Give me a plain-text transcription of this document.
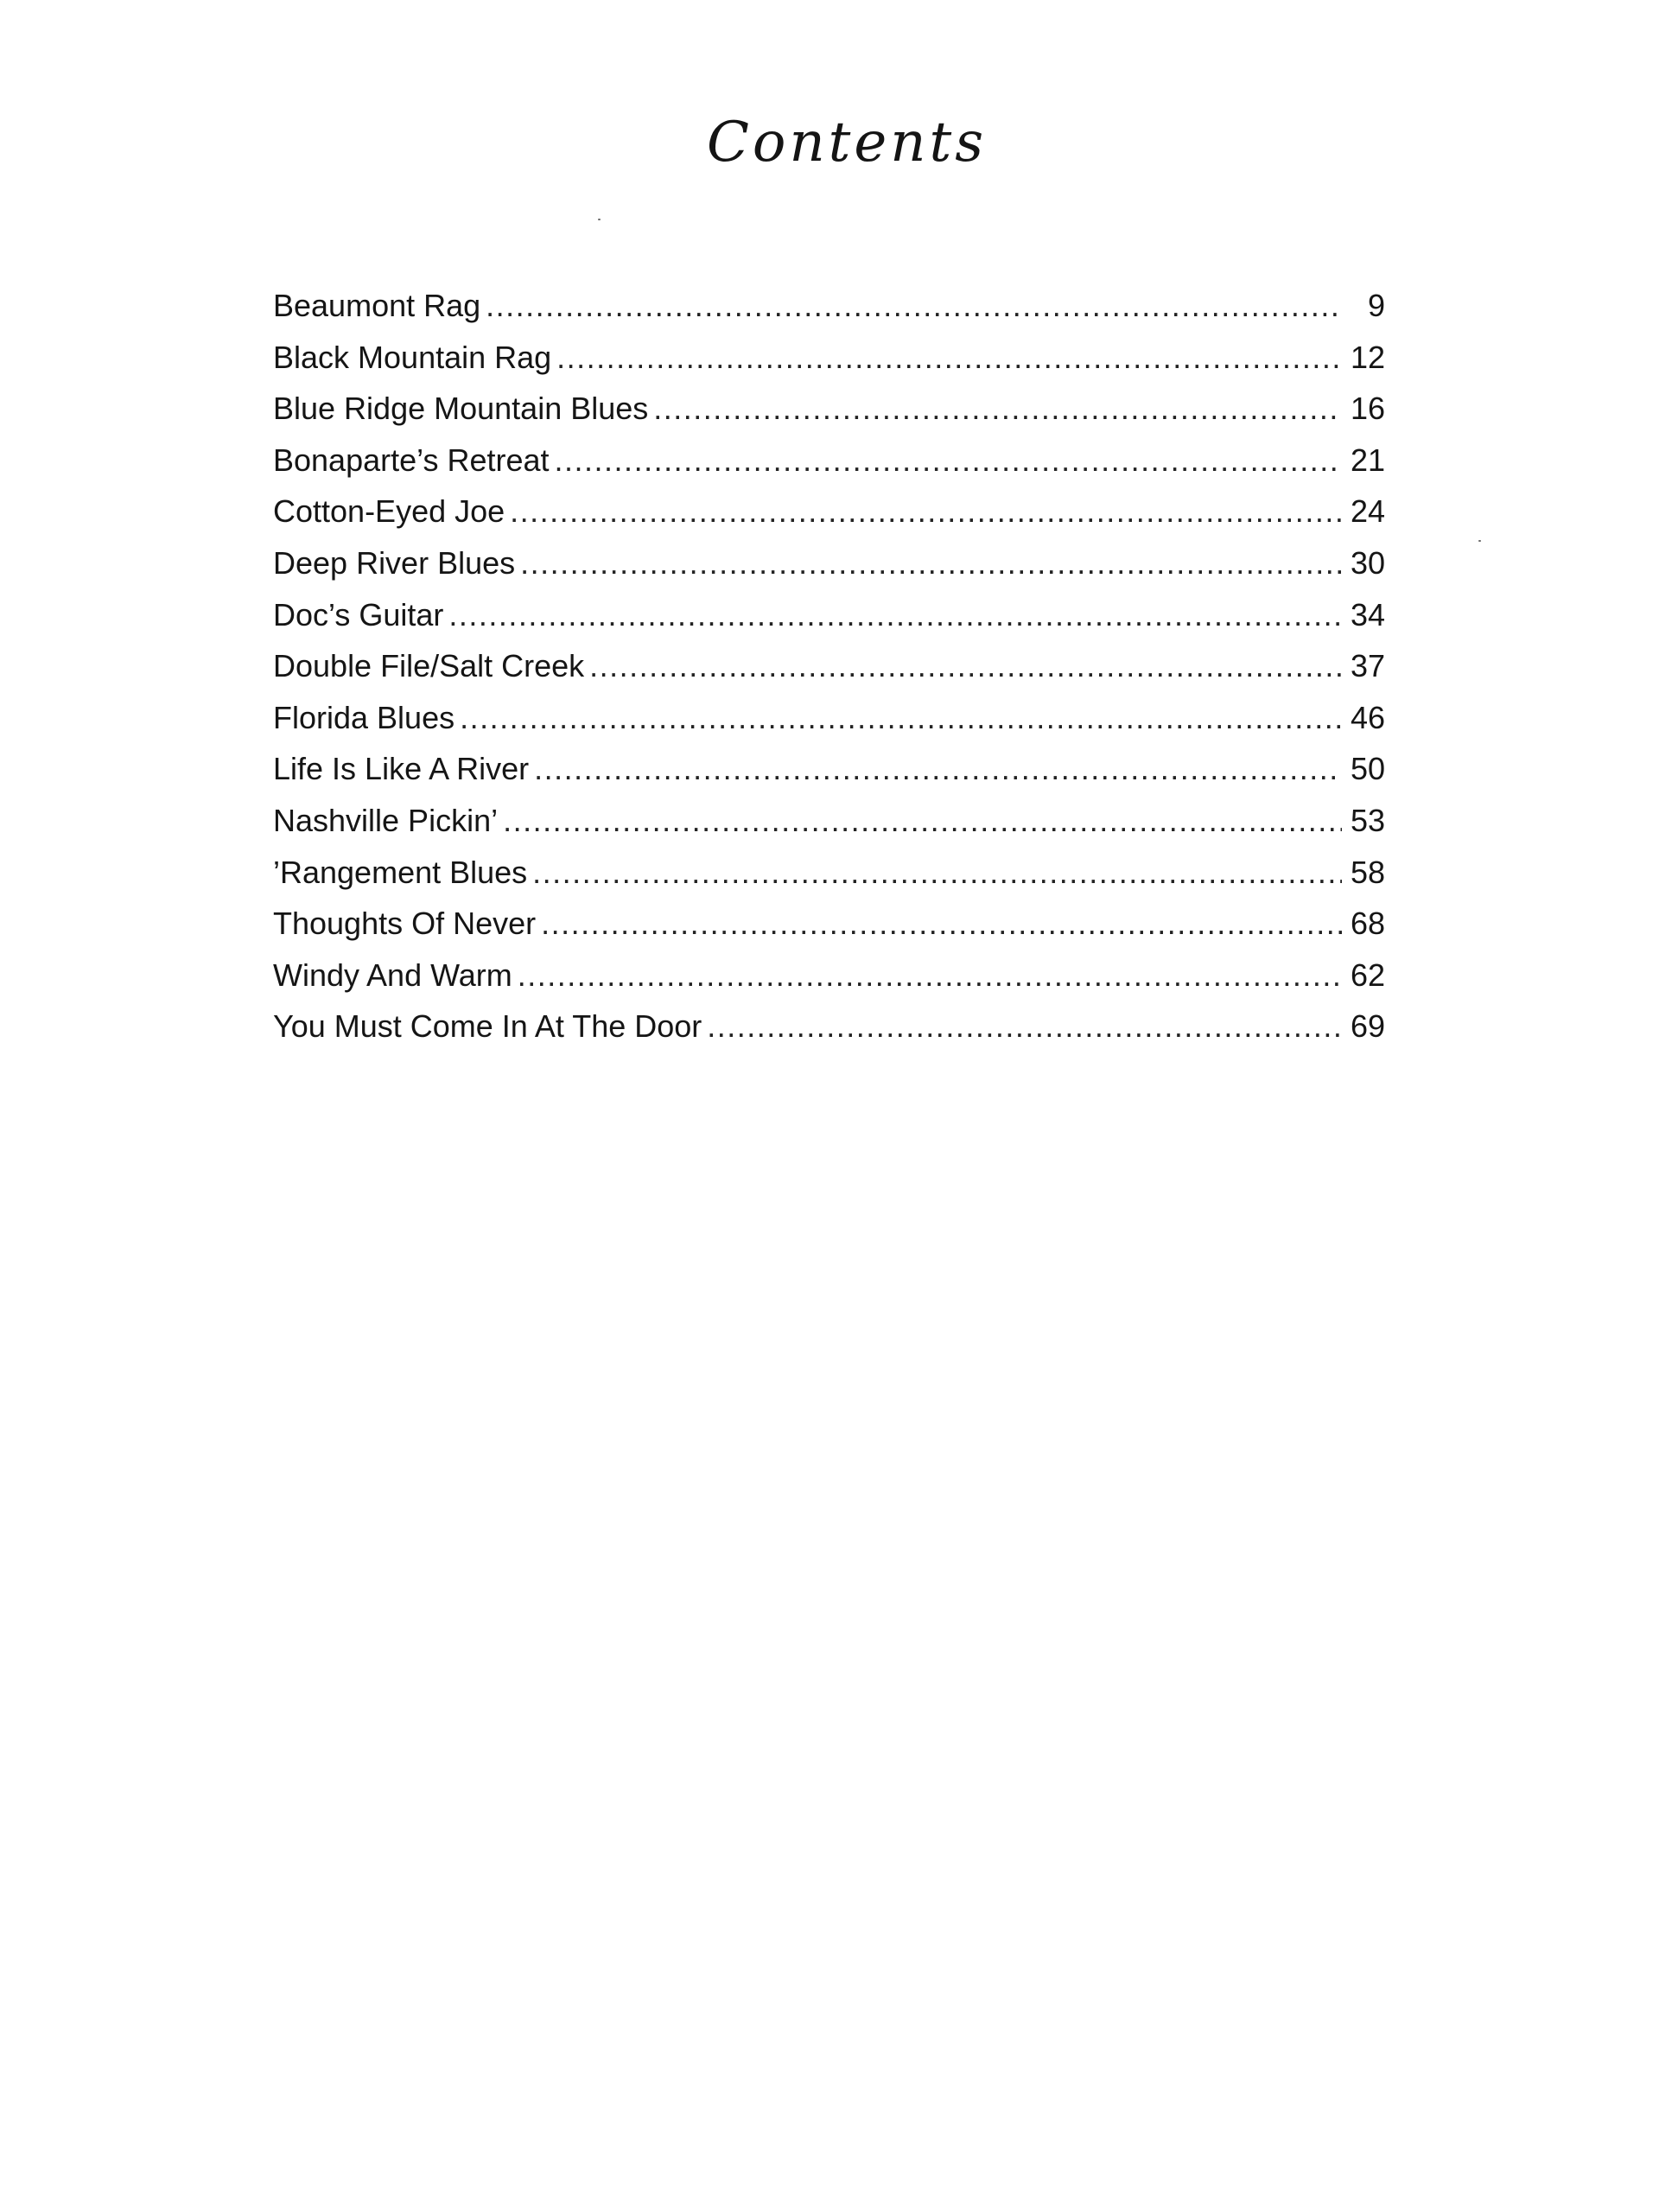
Contents
Beaumont Rag .....	9
Black Mountain Rag .....	12
Blue Ridge Mountain Blues .....	16
Bonaparte’s Retreat .....	21
Cotton-Eyed Joe .....	24
Deep River Blues .....	30
Doc’s Guitar .....	34
Double File/Salt Creek .....	37
Florida Blues .....	46
Life Is Like A River .....	50
Nashville Pickin’ .....	53
’Rangement Blues .....	58
Thoughts Of Never .....	68
Windy And Warm .....	62
You Must Come In At The Door .....	69
